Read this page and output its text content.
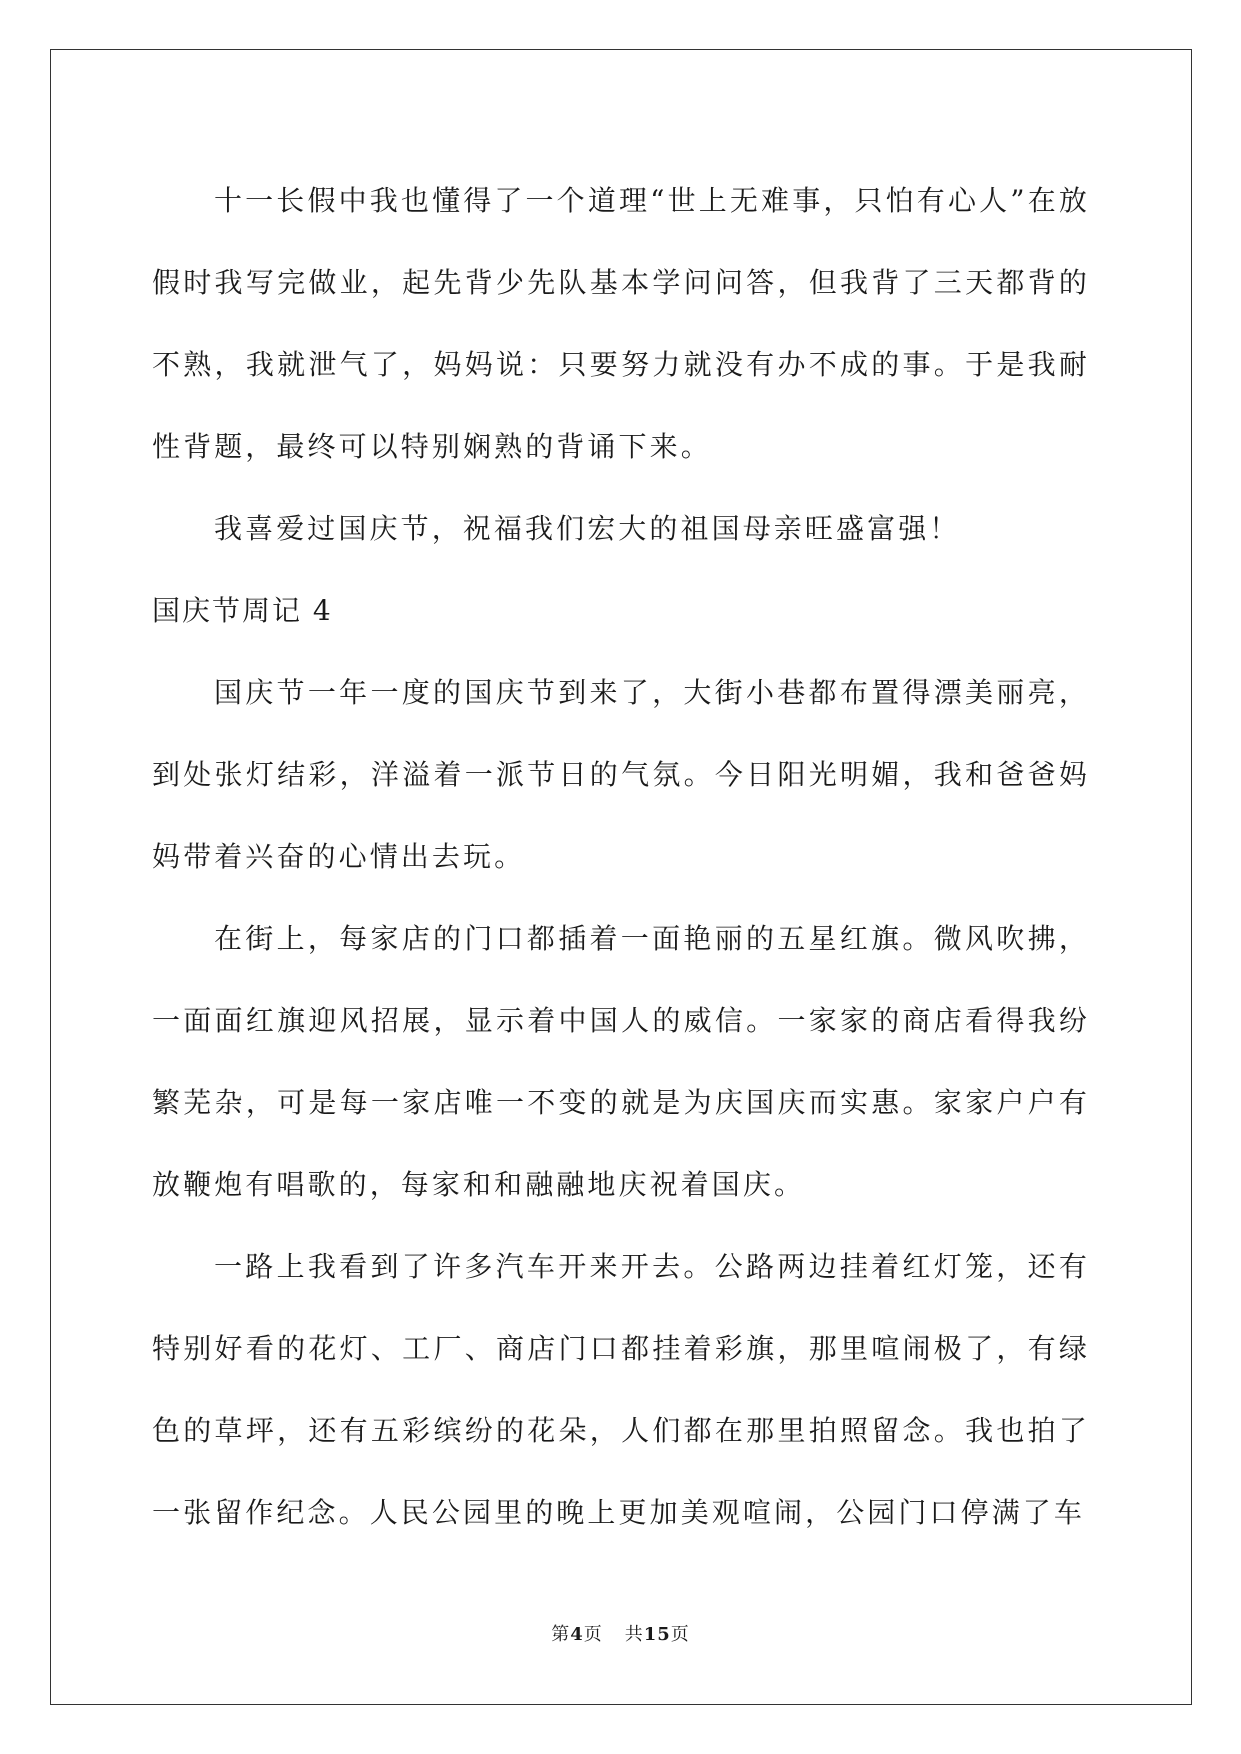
十一长假中我也懂得了一个道理“世上无难事，只怕有心人”在放假时我写完做业，起先背少先队基本学问问答，但我背了三天都背的不熟，我就泄气了，妈妈说：只要努力就没有办不成的事。于是我耐性背题，最终可以特别娴熟的背诵下来。

我喜爱过国庆节，祝福我们宏大的祖国母亲旺盛富强！

国庆节周记 4

国庆节一年一度的国庆节到来了，大街小巷都布置得漂美丽亮，到处张灯结彩，洋溢着一派节日的气氛。今日阳光明媚，我和爸爸妈妈带着兴奋的心情出去玩。

在街上，每家店的门口都插着一面艳丽的五星红旗。微风吹拂，一面面红旗迎风招展，显示着中国人的威信。一家家的商店看得我纷繁芜杂，可是每一家店唯一不变的就是为庆国庆而实惠。家家户户有放鞭炮有唱歌的，每家和和融融地庆祝着国庆。

一路上我看到了许多汽车开来开去。公路两边挂着红灯笼，还有特别好看的花灯、工厂、商店门口都挂着彩旗，那里喧闹极了，有绿色的草坪，还有五彩缤纷的花朵，人们都在那里拍照留念。我也拍了一张留作纪念。人民公园里的晚上更加美观喧闹，公园门口停满了车

第4页 共15页
